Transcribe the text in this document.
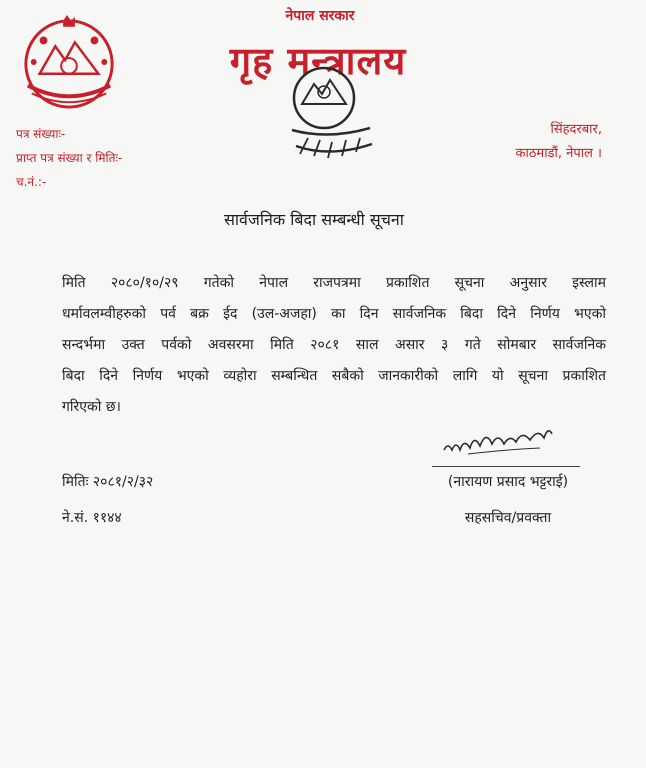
नेपाल सरकार
गृह मन्त्रालय
पत्र संख्याः-
प्राप्त पत्र संख्या र मितिः-
च.नं.:-
सिंहदरबार,
काठमाडौं, नेपाल ।
सार्वजनिक बिदा सम्बन्धी सूचना
मिति २०८०/१०/२९ गतेको नेपाल राजपत्रमा प्रकाशित सूचना अनुसार इस्लाम
धर्मावलम्वीहरुको पर्व बक्र ईद (उल-अजहा) का दिन सार्वजनिक बिदा दिने निर्णय भएको
सन्दर्भमा उक्त पर्वको अवसरमा मिति २०८१ साल असार ३ गते सोमबार सार्वजनिक
बिदा दिने निर्णय भएको व्यहोरा सम्बन्धित सबैको जानकारीको लागि यो सूचना प्रकाशित
गरिएको छ।
मितिः २०८१/२/३२
ने.सं. ११४४
(नारायण प्रसाद भट्टराई)
सहसचिव/प्रवक्ता
